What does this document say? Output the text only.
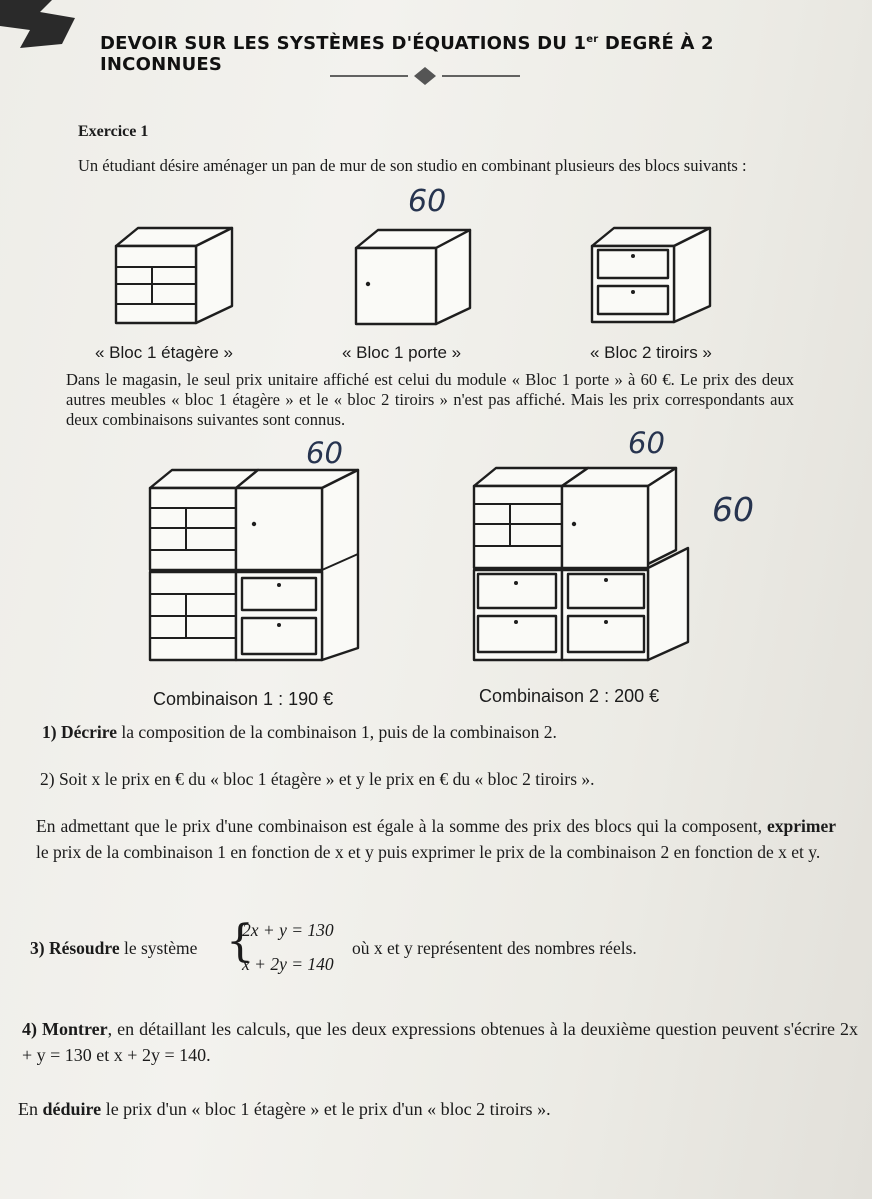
DEVOIR SUR LES SYSTÈMES D'ÉQUATIONS DU 1er DEGRÉ À 2 INCONNUES

Exercice 1

Un étudiant désire aménager un pan de mur de son studio en combinant plusieurs des blocs suivants :

60
« Bloc 1 étagère »	« Bloc 1 porte »	« Bloc 2 tiroirs »

Dans le magasin, le seul prix unitaire affiché est celui du module « Bloc 1 porte » à 60 €. Le prix des deux autres meubles « bloc 1 étagère » et le « bloc 2 tiroirs » n'est pas affiché. Mais les prix correspondants aux deux combinaisons suivantes sont connus.

60	60
60
Combinaison 1 : 190 €	Combinaison 2 : 200 €

1) Décrire la composition de la combinaison 1, puis de la combinaison 2.

2) Soit x le prix en € du « bloc 1 étagère » et y le prix en € du « bloc 2 tiroirs ».

En admettant que le prix d'une combinaison est égale à la somme des prix des blocs qui la composent, exprimer le prix de la combinaison 1 en fonction de x et y puis exprimer le prix de la combinaison 2 en fonction de x et y.

3) Résoudre le système {
2x + y = 130
x + 2y = 140
où x et y représentent des nombres réels.

4) Montrer, en détaillant les calculs, que les deux expressions obtenues à la deuxième question peuvent s'écrire 2x + y = 130 et x + 2y = 140.

En déduire le prix d'un « bloc 1 étagère » et le prix d'un « bloc 2 tiroirs ».
